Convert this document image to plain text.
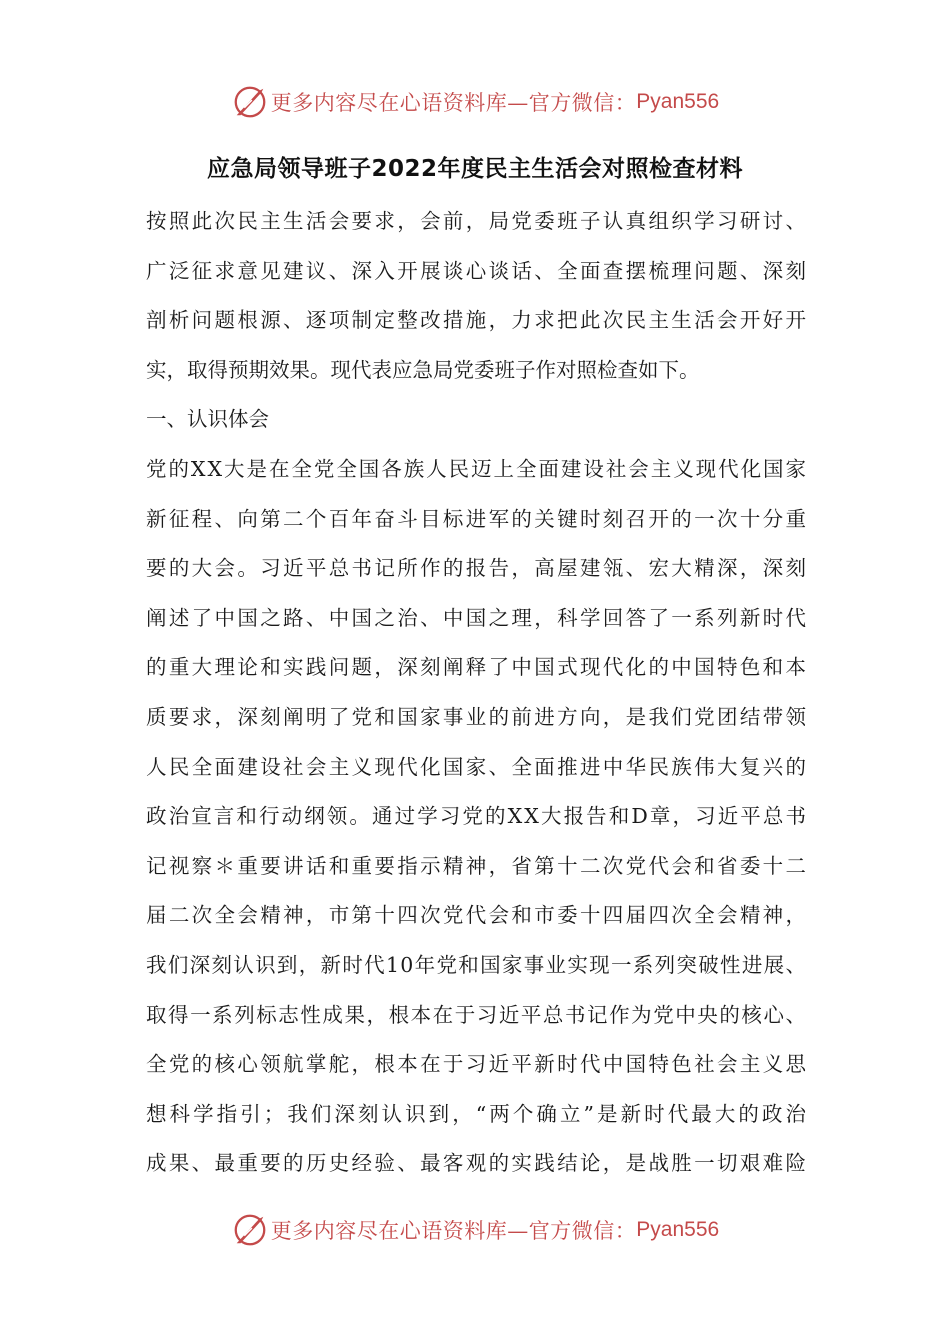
更多内容尽在心语资料库—官方微信： Pyan556
应急局领导班子2022年度民主生活会对照检查材料
按照此次民主生活会要求，会前，局党委班子认真组织学习研讨、
广泛征求意见建议、深入开展谈心谈话、全面查摆梳理问题、深刻
剖析问题根源、逐项制定整改措施，力求把此次民主生活会开好开
实，取得预期效果。现代表应急局党委班子作对照检查如下。
一、认识体会
党的XX大是在全党全国各族人民迈上全面建设社会主义现代化国家
新征程、向第二个百年奋斗目标进军的关键时刻召开的一次十分重
要的大会。习近平总书记所作的报告，高屋建瓴、宏大精深，深刻
阐述了中国之路、中国之治、中国之理，科学回答了一系列新时代
的重大理论和实践问题，深刻阐释了中国式现代化的中国特色和本
质要求，深刻阐明了党和国家事业的前进方向，是我们党团结带领
人民全面建设社会主义现代化国家、全面推进中华民族伟大复兴的
政治宣言和行动纲领。通过学习党的XX大报告和D章，习近平总书
记视察＊重要讲话和重要指示精神，省第十二次党代会和省委十二
届二次全会精神，市第十四次党代会和市委十四届四次全会精神，
我们深刻认识到，新时代10年党和国家事业实现一系列突破性进展、
取得一系列标志性成果，根本在于习近平总书记作为党中央的核心、
全党的核心领航掌舵，根本在于习近平新时代中国特色社会主义思
想科学指引；我们深刻认识到，“两个确立”是新时代最大的政治
成果、最重要的历史经验、最客观的实践结论，是战胜一切艰难险
更多内容尽在心语资料库—官方微信： Pyan556
